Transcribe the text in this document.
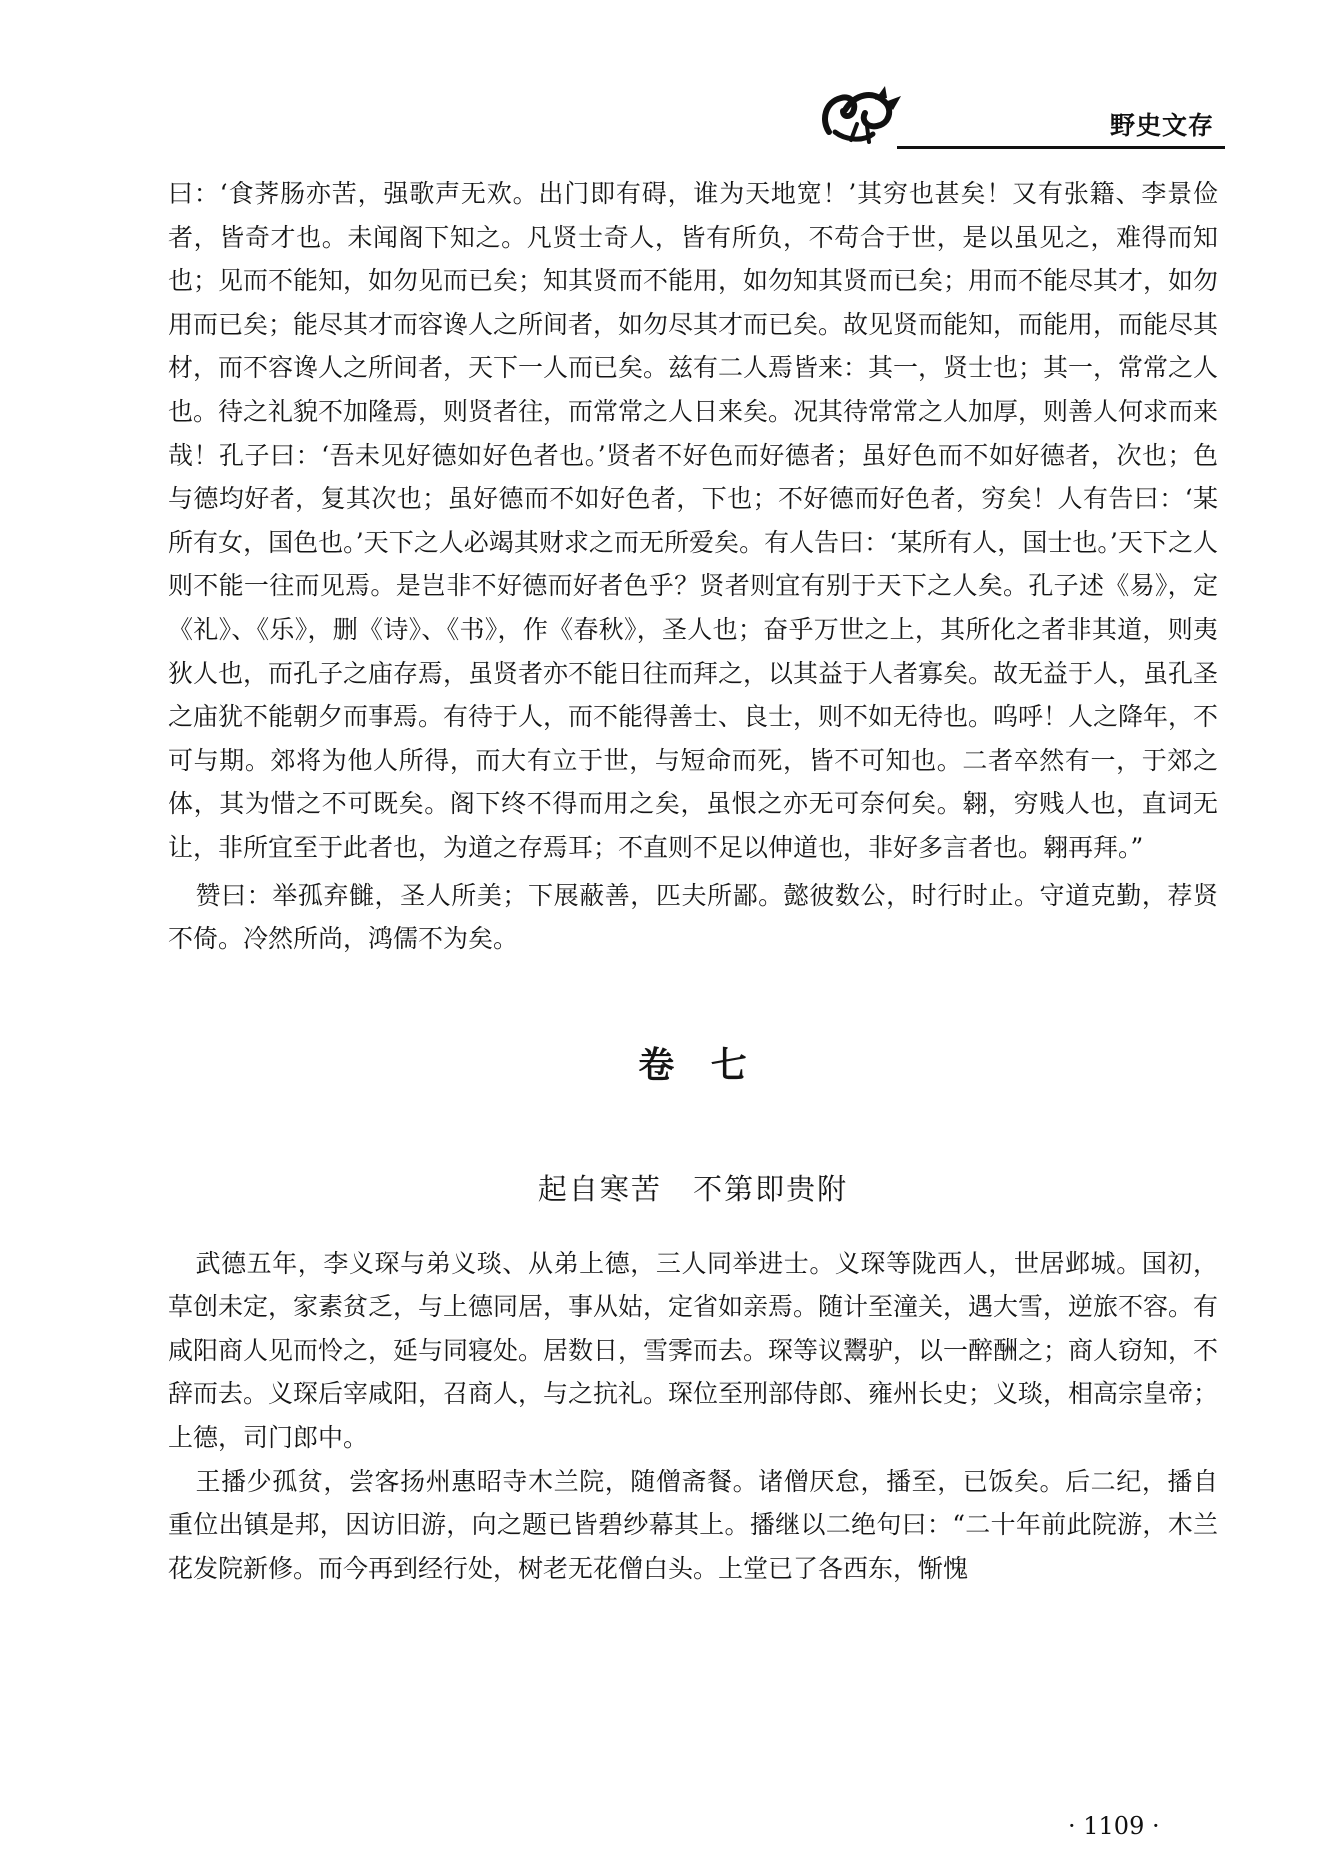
野史文存

曰：‘食荠肠亦苦，强歌声无欢。出门即有碍，谁为天地宽！’其穷也甚矣！又有张籍、李景俭者，皆奇才也。未闻阁下知之。凡贤士奇人，皆有所负，不苟合于世，是以虽见之，难得而知也；见而不能知，如勿见而已矣；知其贤而不能用，如勿知其贤而已矣；用而不能尽其才，如勿用而已矣；能尽其才而容谗人之所间者，如勿尽其才而已矣。故见贤而能知，而能用，而能尽其材，而不容谗人之所间者，天下一人而已矣。兹有二人焉皆来：其一，贤士也；其一，常常之人也。待之礼貌不加隆焉，则贤者往，而常常之人日来矣。况其待常常之人加厚，则善人何求而来哉！孔子曰：‘吾未见好德如好色者也。’贤者不好色而好德者；虽好色而不如好德者，次也；色与德均好者，复其次也；虽好德而不如好色者，下也；不好德而好色者，穷矣！人有告曰：‘某所有女，国色也。’天下之人必竭其财求之而无所爱矣。有人告曰：‘某所有人，国士也。’天下之人则不能一往而见焉。是岂非不好德而好者色乎？贤者则宜有别于天下之人矣。孔子述《易》，定《礼》、《乐》，删《诗》、《书》，作《春秋》，圣人也；奋乎万世之上，其所化之者非其道，则夷狄人也，而孔子之庙存焉，虽贤者亦不能日往而拜之，以其益于人者寡矣。故无益于人，虽孔圣之庙犹不能朝夕而事焉。有待于人，而不能得善士、良士，则不如无待也。呜呼！人之降年，不可与期。郊将为他人所得，而大有立于世，与短命而死，皆不可知也。二者卒然有一，于郊之体，其为惜之不可既矣。阁下终不得而用之矣，虽恨之亦无可奈何矣。翱，穷贱人也，直词无让，非所宜至于此者也，为道之存焉耳；不直则不足以伸道也，非好多言者也。翱再拜。”

赞曰：举孤弃雠，圣人所美；下展蔽善，匹夫所鄙。懿彼数公，时行时止。守道克勤，荐贤不倚。冷然所尚，鸿儒不为矣。

卷 七
起自寒苦 不第即贵附

武德五年，李义琛与弟义琰、从弟上德，三人同举进士。义琛等陇西人，世居邺城。国初，草创未定，家素贫乏，与上德同居，事从姑，定省如亲焉。随计至潼关，遇大雪，逆旅不容。有咸阳商人见而怜之，延与同寝处。居数日，雪霁而去。琛等议鬻驴，以一醉酬之；商人窃知，不辞而去。义琛后宰咸阳，召商人，与之抗礼。琛位至刑部侍郎、雍州长史；义琰，相高宗皇帝；上德，司门郎中。

王播少孤贫，尝客扬州惠昭寺木兰院，随僧斋餐。诸僧厌怠，播至，已饭矣。后二纪，播自重位出镇是邦，因访旧游，向之题已皆碧纱幕其上。播继以二绝句曰：“二十年前此院游，木兰花发院新修。而今再到经行处，树老无花僧白头。上堂已了各西东，惭愧

· 1109 ·
